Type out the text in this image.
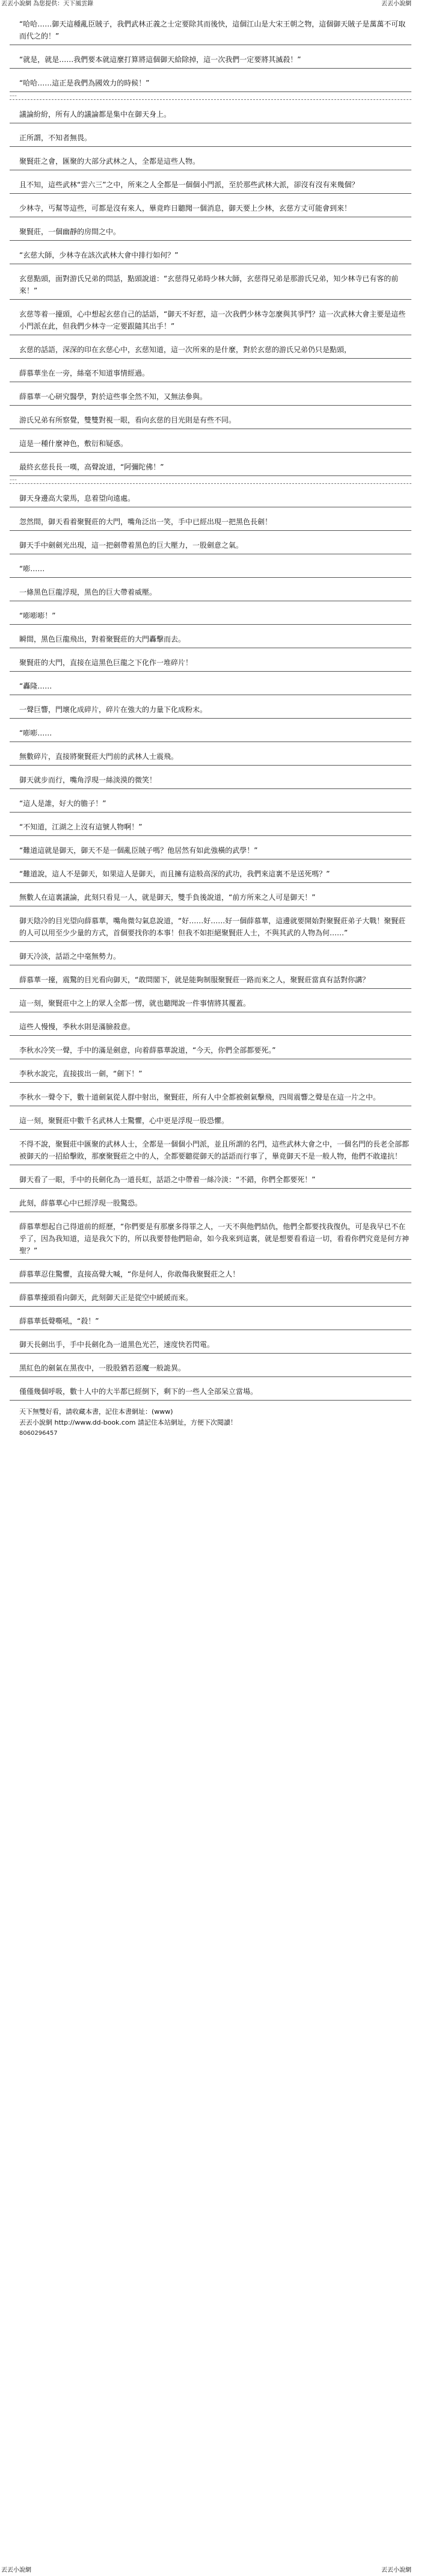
丟丟小說網 為您提供：天下風雲錄	丟丟小說網
“哈哈……御天這種亂臣賊子，我們武林正義之士定要除其而後快，這個江山是大宋王朝之物，這個御天賊子是萬萬不可取而代之的！”
“就是，就是……我們要本就這麼打算將這個御天給除掉，這一次我們一定要將其滅殺！”
“哈哈……這正是我們為國效力的時候！”
---
議論紛紛，所有人的議論都是集中在御天身上。
正所謂，不知者無畏。
聚賢莊之會，匯聚的大部分武林之人，全都是這些人物。
且不知，這些武林“雲六三”之中，所來之人全都是一個個小門派，至於那些武林大派，卻沒有沒有來幾個？
少林寺，丐幫等這些，可都是沒有來人，畢竟昨日聽聞一個消息，御天要上少林，玄慈方丈可能會到來！
聚賢莊，一個幽靜的房間之中。
“玄慈大師，少林寺在該次武林大會中排行如何？”
玄慈點頭，面對游氏兄弟的問話，點頭說道：“玄慈得兄弟時少林大師，玄慈得兄弟是那游氏兄弟，知少林寺已有客的前來！”
玄慈等着一擡頭，心中想起玄慈自己的話語，“御天不好惹，這一次我們少林寺怎麼與其爭鬥？這一次武林大會主要是這些小門派在此，但我們少林寺一定要跟隨其出手！”
玄慈的話語，深深的印在玄慈心中，玄慈知道，這一次所來的是什麼，對於玄慈的游氏兄弟仍只是點頭，
薛慕華坐在一旁，絲毫不知道事情經過。
薛慕華一心研究醫學，對於這些事全然不知，又無法參與。
游氏兄弟有所察覺，雙雙對視一眼，看向玄慈的目光則是有些不同。
這是一種什麼神色，敷衍和疑惑。
最終玄慈長長一嘆，高聲說道，“阿彌陀佛！”
---
御天身邊高大蒙馬，息着望向遠處。
忽然間，御天看着聚賢莊的大門，嘴角泛出一笑，手中已經出現一把黑色長劍！
御天手中劍劍光出現，這一把劍帶着黑色的巨大壓力，一股劍意之氣。
“嘭……
一條黑色巨龍浮現，黑色的巨大帶着威壓。
“嘭嘭嘭！”
瞬間，黑色巨龍飛出，對着聚賢莊的大門轟擊而去。
聚賢莊的大門，直接在這黑色巨龍之下化作一堆碎片！
“轟隆……
一聲巨響，門壞化成碎片，碎片在強大的力量下化成粉末。
“嘭嘭……
無數碎片，直接將聚賢莊大門前的武林人士震飛。
御天就步而行，嘴角浮現一絲淡漠的微笑！
“這人是誰，好大的膽子！”
“不知道，江湖之上沒有這號人物啊！”
“難道這就是御天，御天不是一個亂臣賊子嗎？他居然有如此強橫的武學！”
“難道說，這人不是御天，如果這人是御天，而且擁有這般高深的武功，我們來這裏不是送死嗎？”
無數人在這裏議論，此刻只看見一人，就是御天，雙手負後說道，“前方所來之人可是御天！”
御天陰冷的目光望向薛慕華，嘴角微勾氣息說道，“好……好……好一個薛慕華，這邊就要開始對聚賢莊弟子大戰！聚賢莊的人可以用至少少量的方式，首個要找你的本事！但我不如拒絕聚賢莊人士，不與其武的人物為何……”
御天冷淡，話語之中毫無勢力。
薛慕華一擡，震驚的目光看向御天，“敢問閣下，就是能夠制服聚賢莊一路而來之人，聚賢莊當真有話對你講？
這一刻，聚賢莊中之上的眾人全都一愣，就也聽聞說一件事情將其覆蓋。
這些人慢慢，季秋水則是滿臉殺意。
李秋水冷笑一聲，手中的滿是劍意，向着薛慕華說道，“今天，你們全部都要死。”
李秋水說完，直接拔出一劍，“劍下！”
李秋水一聲令下，數十道劍氣從人群中射出，聚賢莊，所有人中全都被劍氣擊飛，四周震響之聲是在這一片之中。
這一刻，聚賢莊中數千名武林人士驚懼，心中更是浮現一股恐懼。
不得不說，聚賢莊中匯聚的武林人士，全都是一個個小門派，並且所謂的名門，這些武林大會之中，一個名門的長老全部都被御天的一招給擊敗，那麼聚賢莊之中的人，全都要聽從御天的話語而行事了，畢竟御天不是一般人物，他們不敢違抗！
御天看了一眼，手中的長劍化為一道長虹，話語之中帶着一絲冷淡：“不錯，你們全都要死！”
此刻，薛慕華心中已經浮現一股驚恐。
薛慕華想起自己得道前的經歷，“你們要是有那麼多得罪之人，一天不與他們結仇，他們全都要找我復仇，可是我早已不在乎了，因為我知道，這是我欠下的，所以我要替他們賠命，如今我來到這裏，就是想要看看這一切，看看你們究竟是何方神聖？”
薛慕華忍住驚懼，直接高聲大喊，“你是何人，你敢傷我聚賢莊之人！
薛慕華擡頭看向御天，此刻御天正是從空中緩緩而來。
薛慕華低聲嘶吼，“殺！”
御天長劍出手，手中長劍化為一道黑色光芒，速度快若閃電。
黑紅色的劍氣在黑夜中，一股股猶若惡魔一般詭異。
僅僅幾個呼吸，數十人中的大半都已經倒下，剩下的一些人全部呆立當場。
天下無雙好看，請收藏本書，記住本書網址：(www)
丟丟小說網 http://www.dd-book.com 請記住本站網址，方便下次閱讀！
8060296457
丟丟小說網	丟丟小說網
